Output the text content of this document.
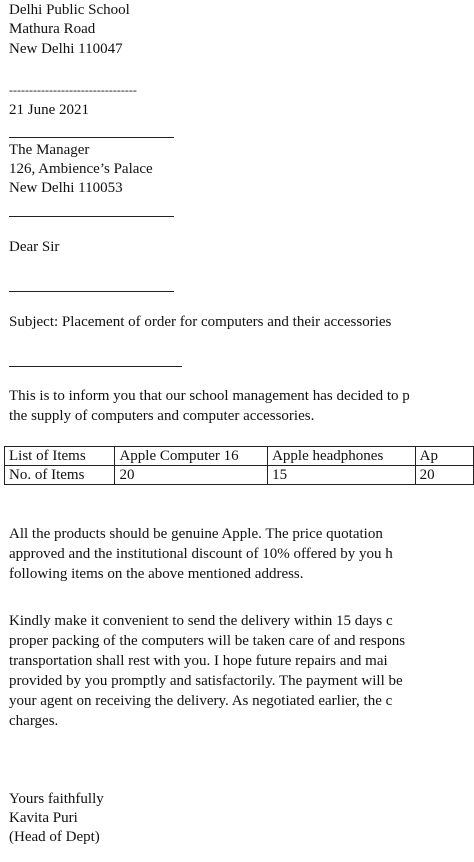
Delhi Public School
Mathura Road
New Delhi 110047
--------------------------------
21 June 2021
The Manager
126, Ambience’s Palace
New Delhi 110053
Dear Sir
Subject: Placement of order for computers and their accessories
This is to inform you that our school management has decided to p
the supply of computers and computer accessories.
List of Items	Apple Computer 16	Apple headphones	Ap
No. of Items	20	15	20
All the products should be genuine Apple. The price quotation
approved and the institutional discount of 10% offered by you h
following items on the above mentioned address.
Kindly make it convenient to send the delivery within 15 days c
proper packing of the computers will be taken care of and respons
transportation shall rest with you. I hope future repairs and mai
provided by you promptly and satisfactorily. The payment will be
your agent on receiving the delivery. As negotiated earlier, the c
charges.
Yours faithfully
Kavita Puri
(Head of Dept)
